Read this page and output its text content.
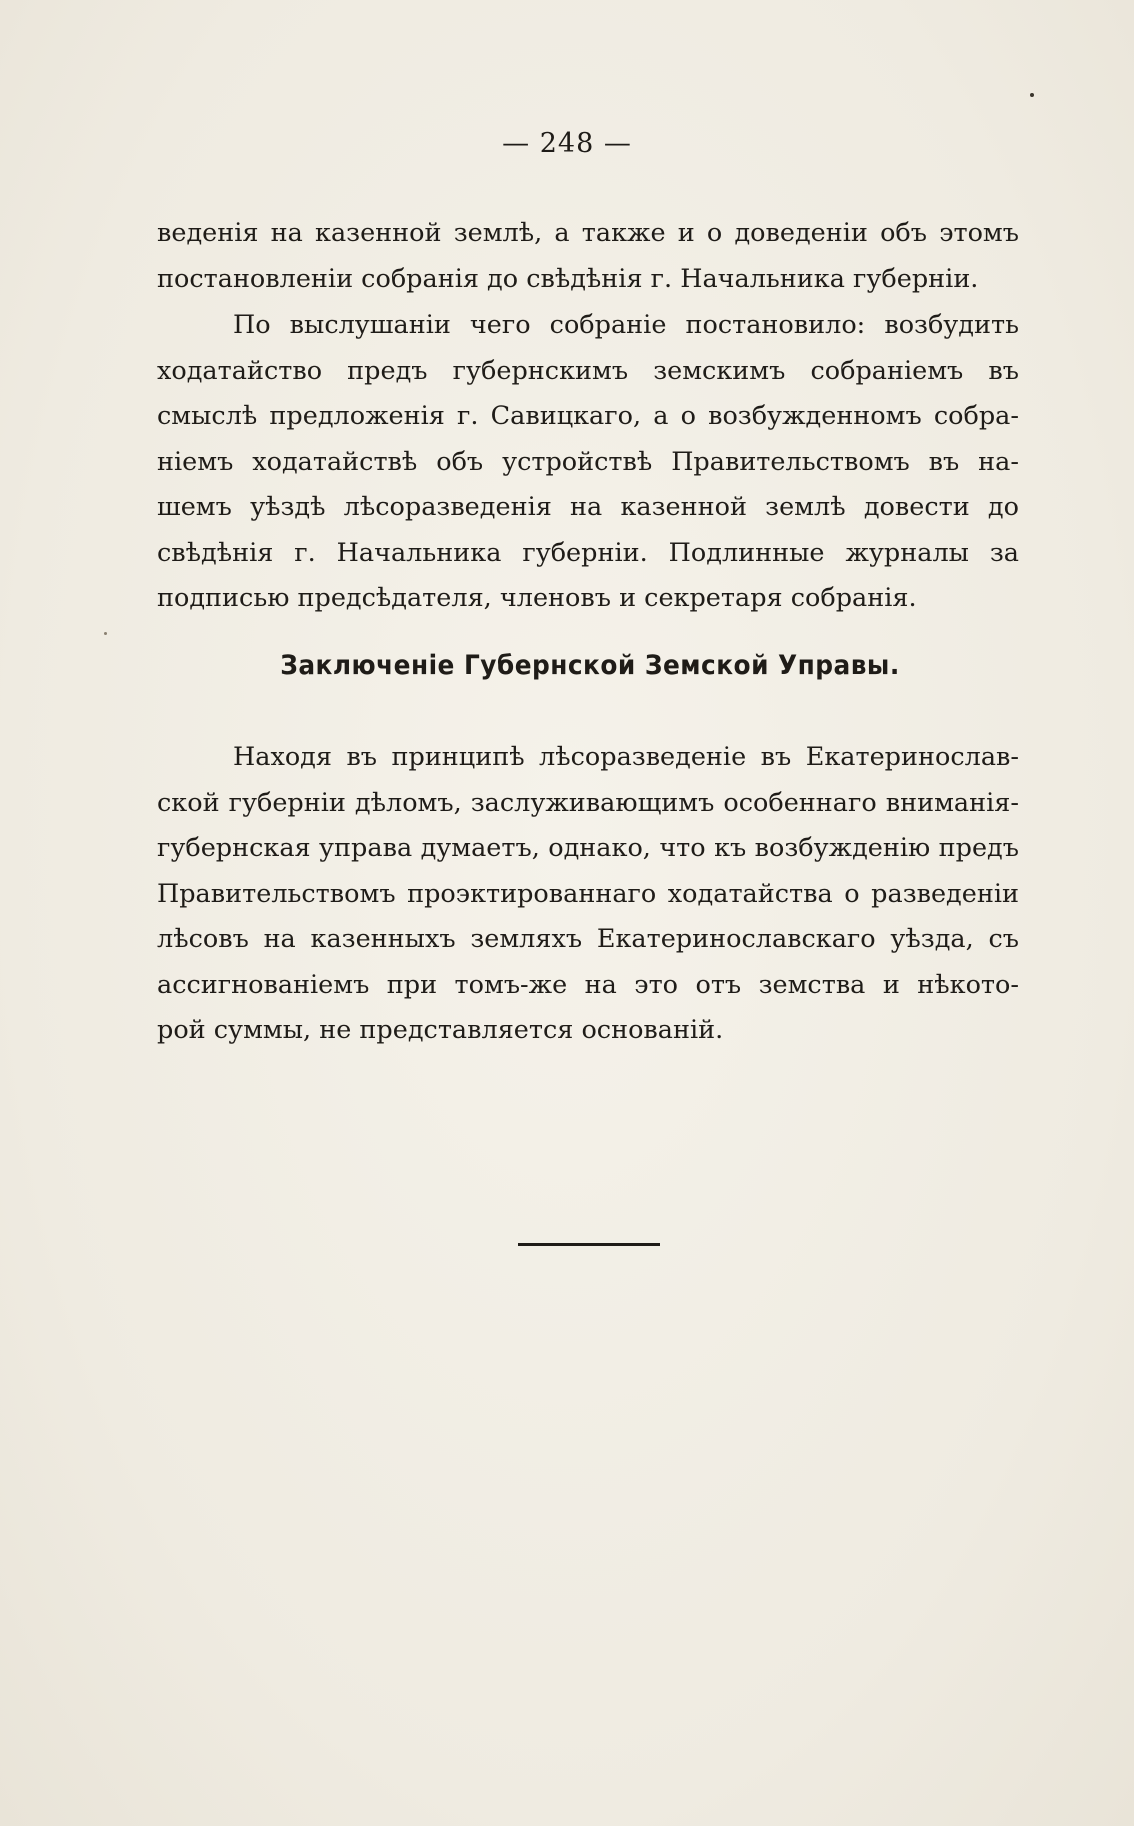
— 248 —
веденія на казенной землѣ, а также и о доведеніи объ этомъ
постановленіи собранія до свѣдѣнія г. Начальника губерніи.
По выслушаніи чего собраніе постановило: возбудить
ходатайство предъ губернскимъ земскимъ собраніемъ въ
смыслѣ предложенія г. Савицкаго, а о возбужденномъ собра-
ніемъ ходатайствѣ объ устройствѣ Правительствомъ въ на-
шемъ уѣздѣ лѣсоразведенія на казенной землѣ довести до
свѣдѣнія г. Начальника губерніи. Подлинные журналы за
подписью предсѣдателя, членовъ и секретаря собранія.
Заключеніе Губернской Земской Управы.
Находя въ принципѣ лѣсоразведеніе въ Екатеринослав-
ской губерніи дѣломъ, заслуживающимъ особеннаго вниманія-
губернская управа думаетъ, однако, что къ возбужденію предъ
Правительствомъ проэктированнаго ходатайства о разведеніи
лѣсовъ на казенныхъ земляхъ Екатеринославскаго уѣзда, съ
ассигнованіемъ при томъ-же на это отъ земства и нѣкото-
рой суммы, не представляется основаній.
